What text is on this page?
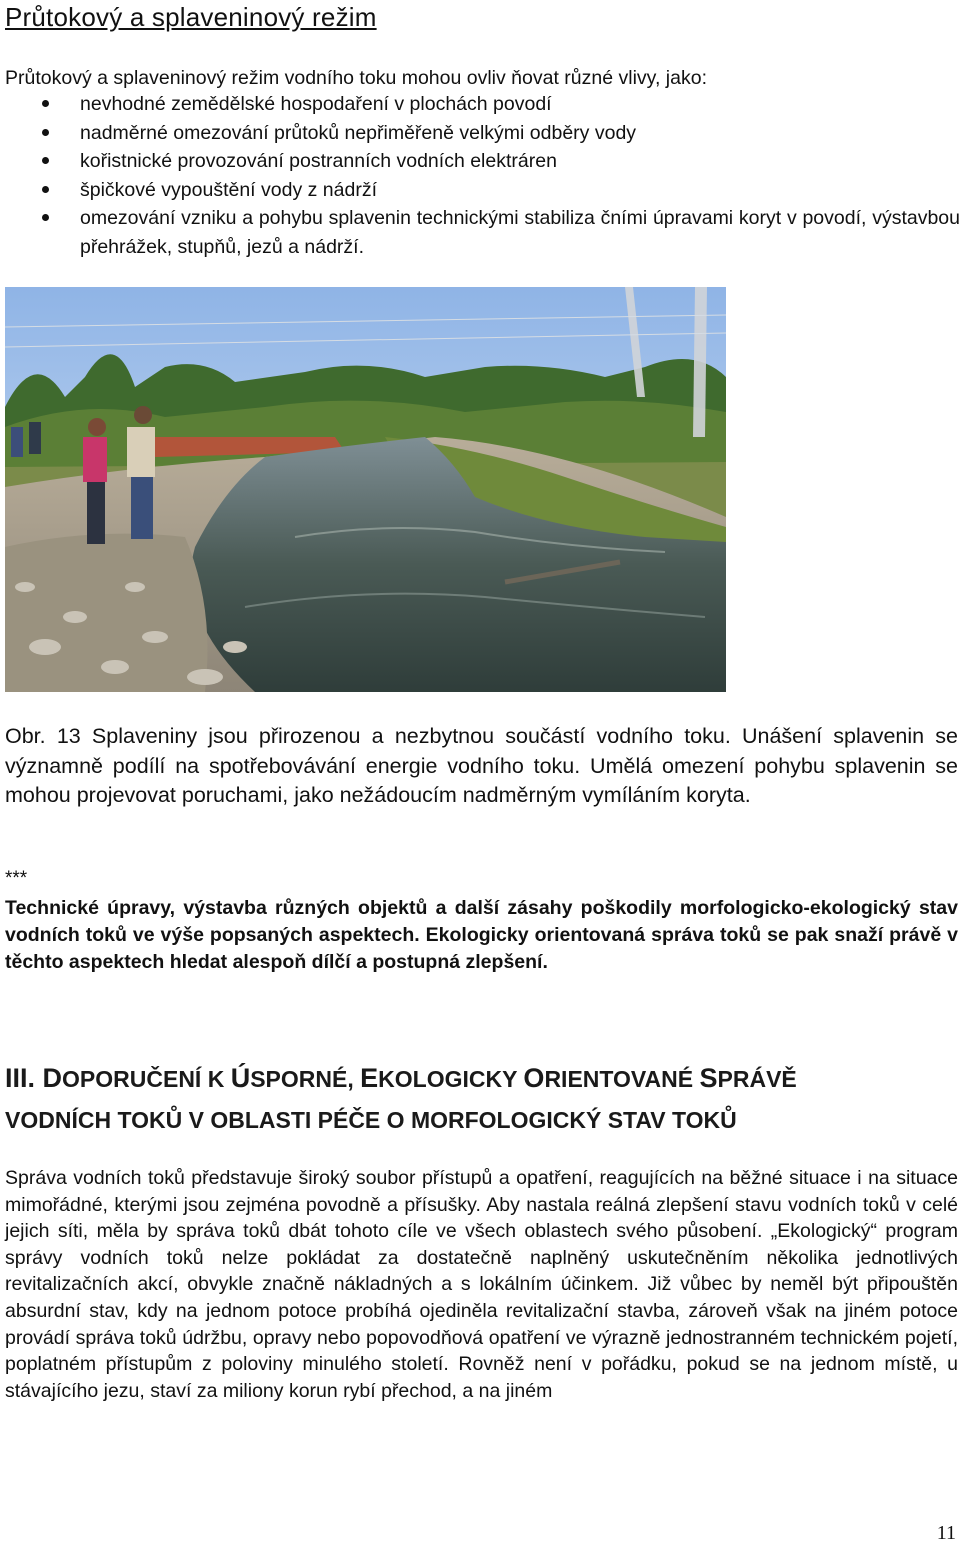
Průtokový a splaveninový režim
Průtokový a splaveninový režim vodního toku mohou ovliv ňovat různé vlivy, jako:
nevhodné zemědělské hospodaření v plochách povodí
nadměrné omezování průtoků nepřiměřeně velkými odběry vody
kořistnické provozování postranních vodních elektráren
špičkové vypouštění vody z nádrží
omezování vzniku a pohybu splavenin technickými stabiliza čními úpravami koryt v povodí, výstavbou přehrážek, stupňů, jezů a nádrží.
Obr. 13 Splaveniny jsou přirozenou a nezbytnou součástí vodního toku. Unášení splavenin se významně podílí na spotřebovávání energie vodního toku. Umělá omezení pohybu splavenin se mohou projevovat poruchami, jako nežádoucím nadměrným vymíláním koryta.
***
Technické úpravy, výstavba různých objektů a další zásahy poškodily morfologicko-ekologický stav vodních toků ve výše popsaných aspektech. Ekologicky orientovaná správa toků se pak snaží právě v těchto aspektech hledat alespoň dílčí a postupná zlepšení.
III. DOPORUČENÍ K ÚSPORNÉ, EKOLOGICKY ORIENTOVANÉ SPRÁVĚ
VODNÍCH TOKŮ V OBLASTI PÉČE O MORFOLOGICKÝ STAV TOKŮ
Správa vodních toků představuje široký soubor přístupů a opatření, reagujících na běžné situace i na situace mimořádné, kterými jsou zejména povodně a přísušky. Aby nastala reálná zlepšení stavu vodních toků v celé jejich síti, měla by správa toků dbát tohoto cíle ve všech oblastech svého působení. „Ekologický“ program správy vodních toků nelze pokládat za dostatečně naplněný uskutečněním několika jednotlivých revitalizačních akcí, obvykle značně nákladných a s lokálním účinkem. Již vůbec by neměl být připouštěn absurdní stav, kdy na jednom potoce probíhá ojediněla revitalizační stavba, zároveň však na jiném potoce provádí správa toků údržbu, opravy nebo popovodňová opatření ve výrazně jednostranném technickém pojetí, poplatném přístupům z poloviny minulého století. Rovněž není v pořádku, pokud se na jednom místě, u stávajícího jezu, staví za miliony korun rybí přechod, a na jiném
11
